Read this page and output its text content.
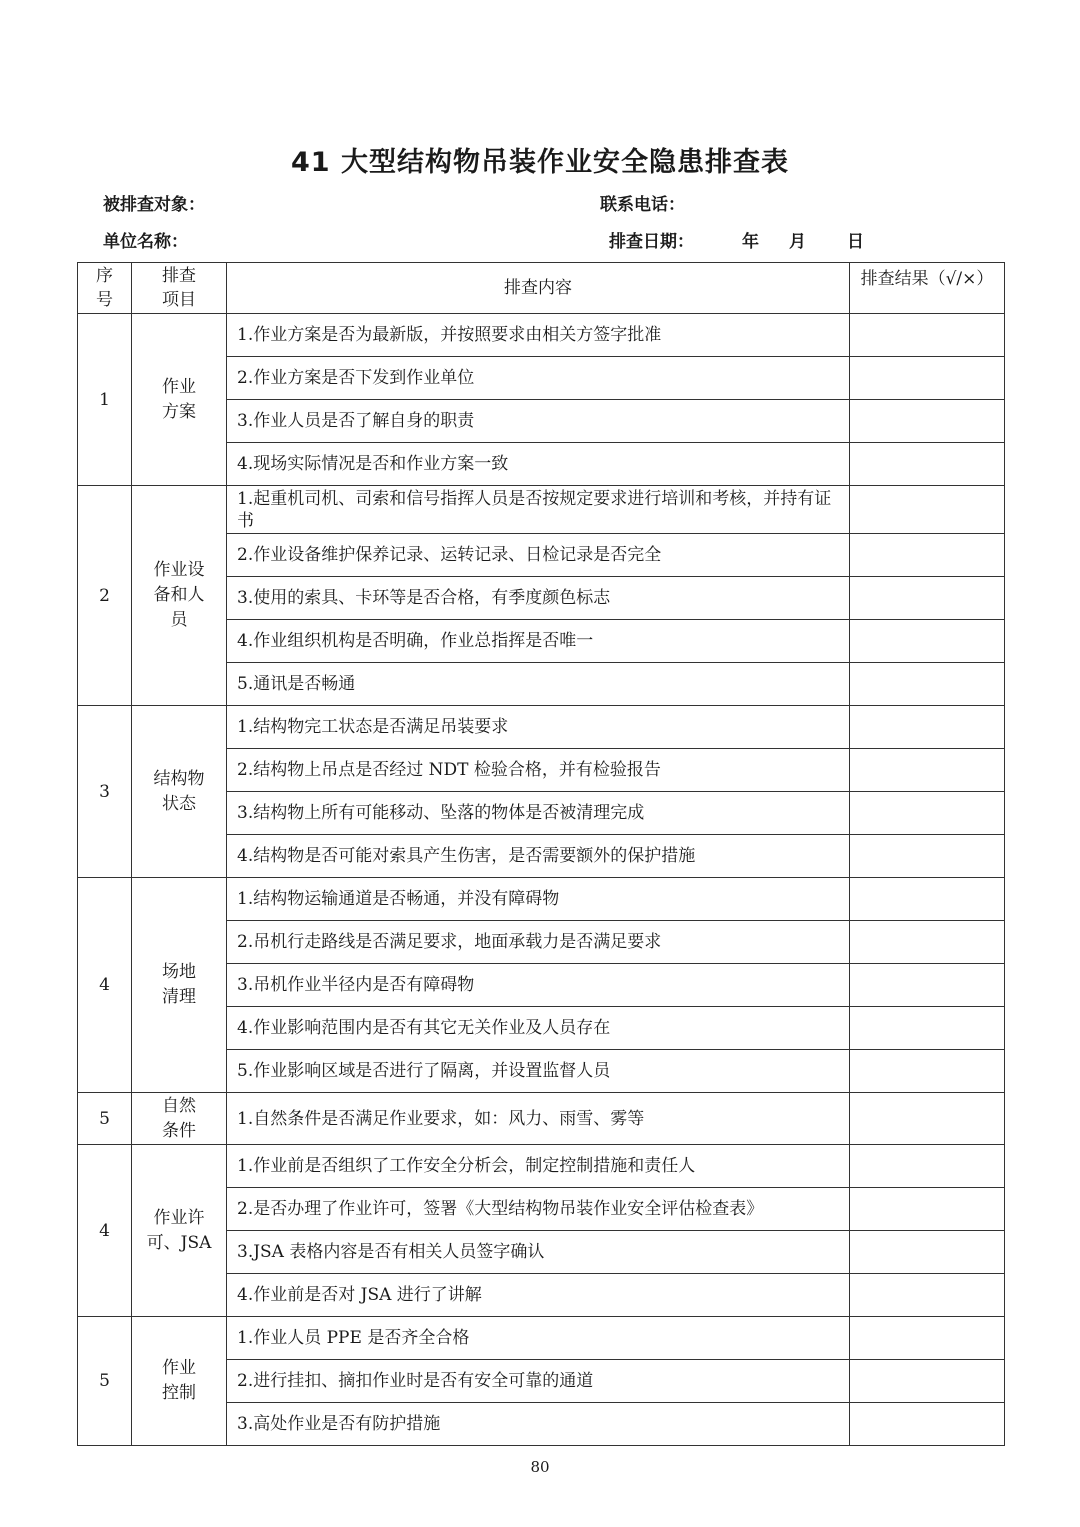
41 大型结构物吊装作业安全隐患排查表
被排查对象：	联系电话：
单位名称：	排查日期：	年 月 日
序号	排查项目	排查内容	排查结果（√/×）
1	作业方案	1.作业方案是否为最新版，并按照要求由相关方签字批准	
		2.作业方案是否下发到作业单位	
		3.作业人员是否了解自身的职责	
		4.现场实际情况是否和作业方案一致	
2	作业设备和人员	1.起重机司机、司索和信号指挥人员是否按规定要求进行培训和考核，并持有证书	
		2.作业设备维护保养记录、运转记录、日检记录是否完全	
		3.使用的索具、卡环等是否合格，有季度颜色标志	
		4.作业组织机构是否明确，作业总指挥是否唯一	
		5.通讯是否畅通	
3	结构物状态	1.结构物完工状态是否满足吊装要求	
		2.结构物上吊点是否经过 NDT 检验合格，并有检验报告	
		3.结构物上所有可能移动、坠落的物体是否被清理完成	
		4.结构物是否可能对索具产生伤害，是否需要额外的保护措施	
4	场地清理	1.结构物运输通道是否畅通，并没有障碍物	
		2.吊机行走路线是否满足要求，地面承载力是否满足要求	
		3.吊机作业半径内是否有障碍物	
		4.作业影响范围内是否有其它无关作业及人员存在	
		5.作业影响区域是否进行了隔离，并设置监督人员	
5	自然条件	1.自然条件是否满足作业要求，如：风力、雨雪、雾等	
4	作业许可、JSA	1.作业前是否组织了工作安全分析会，制定控制措施和责任人	
		2.是否办理了作业许可，签署《大型结构物吊装作业安全评估检查表》	
		3.JSA 表格内容是否有相关人员签字确认	
		4.作业前是否对 JSA 进行了讲解	
5	作业控制	1.作业人员 PPE 是否齐全合格	
		2.进行挂扣、摘扣作业时是否有安全可靠的通道	
		3.高处作业是否有防护措施	
80
